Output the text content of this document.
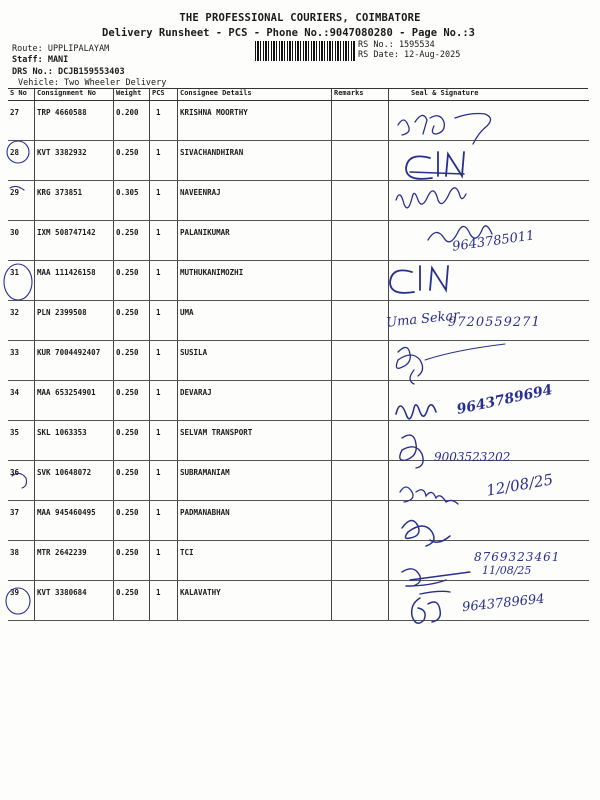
THE PROFESSIONAL COURIERS, COIMBATORE
Delivery Runsheet - PCS - Phone No.:9047080280 - Page No.:3
RS No.: 1595534
RS Date: 12-Aug-2025
Route: UPPLIPALAYAM
Staff: MANI
DRS No.: DCJB159553403
Vehicle: Two Wheeler Delivery
S No	Consignment No	Weight	PCS	Consignee Details	Remarks	Seal & Signature
27	TRP 4660588	0.200	1	KRISHNA MOORTHY		
28	KVT 3382932	0.250	1	SIVACHANDHIRAN		
29	KRG 373851	0.305	1	NAVEENRAJ		
30	IXM 508747142	0.250	1	PALANIKUMAR		
31	MAA 111426158	0.250	1	MUTHUKANIMOZHI		
32	PLN 2399508	0.250	1	UMA		
33	KUR 7004492407	0.250	1	SUSILA		
34	MAA 653254901	0.250	1	DEVARAJ		
35	SKL 1063353	0.250	1	SELVAM TRANSPORT		
36	SVK 10648072	0.250	1	SUBRAMANIAM		
37	MAA 945460495	0.250	1	PADMANABHAN		
38	MTR 2642239	0.250	1	TCI		
39	KVT 3380684	0.250	1	KALAVATHY		
9643785011
Uma Sekar
9720559271
9643789694
9003523202
12/08/25
8769323461
11/08/25
9643789694
